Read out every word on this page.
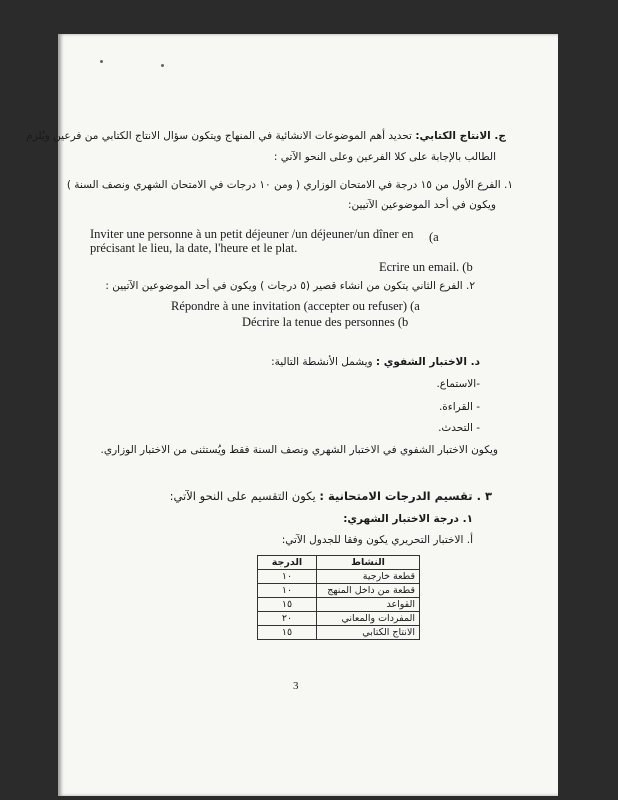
ج. الانتاج الكتابي: تحديد أهم الموضوعات الانشائية في المنهاج ويتكون سؤال الانتاج الكتابي من فرعين ويُلزم
الطالب بالإجابة على كلا الفرعين وعلى النحو الآتي :
١. الفرع الأول من ١٥ درجة في الامتحان الوزاري ( ومن ١٠ درجات في الامتحان الشهري ونصف السنة )
ويكون في أحد الموضوعين الآتيين:
Inviter une personne à un petit déjeuner /un déjeuner/un dîner en (a
précisant le lieu, la date, l'heure et le plat.
Ecrire un email. (b
٢. الفرع الثاني يتكون من انشاء قصير (٥ درجات ) ويكون في أحد الموضوعين الآتيين :
Répondre à une invitation (accepter ou refuser) (a
Décrire la tenue des personnes (b
د. الاختبار الشفوي : ويشمل الأنشطة التالية:
-الاستماع.
- القراءة.
- التحدث.
ويكون الاختبار الشفوي في الاختبار الشهري ونصف السنة فقط ويُستثنى من الاختبار الوزاري.
٣ . تقسيم الدرجات الامتحانية : يكون التقسيم على النحو الآتي:
١. درجة الاختبار الشهري:
أ. الاختبار التحريري يكون وفقا للجدول الآتي:
النشاط	الدرجة
قطعة خارجية	١٠
قطعة من داخل المنهج	١٠
القواعد	١٥
المفردات والمعاني	٢٠
الانتاج الكتابي	١٥
3
